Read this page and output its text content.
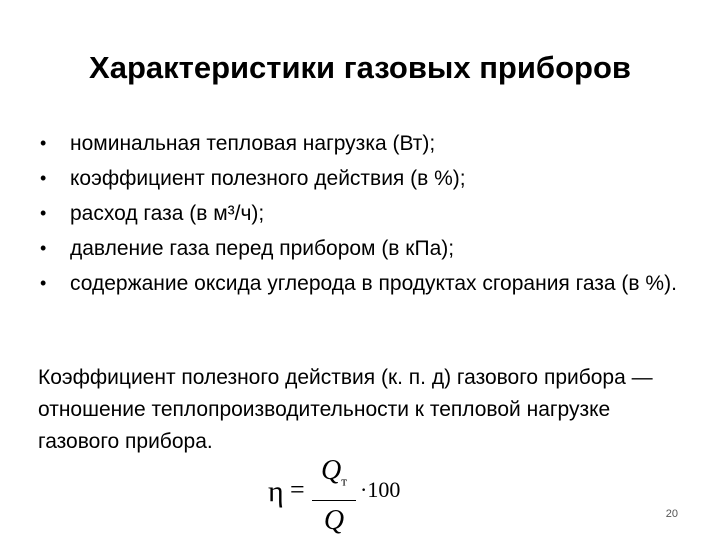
Характеристики газовых приборов
• номинальная тепловая нагрузка (Вт);
• коэффициент полезного действия (в %);
• расход газа (в м³/ч);
• давление газа перед прибором (в кПа);
• содержание оксида углерода в продуктах сгорания газа (в %).

Коэффициент полезного действия (к. п. д) газового прибора — отношение теплопроизводительности к тепловой нагрузке газового прибора.

η =
$Q_т$
Q
·100
20
